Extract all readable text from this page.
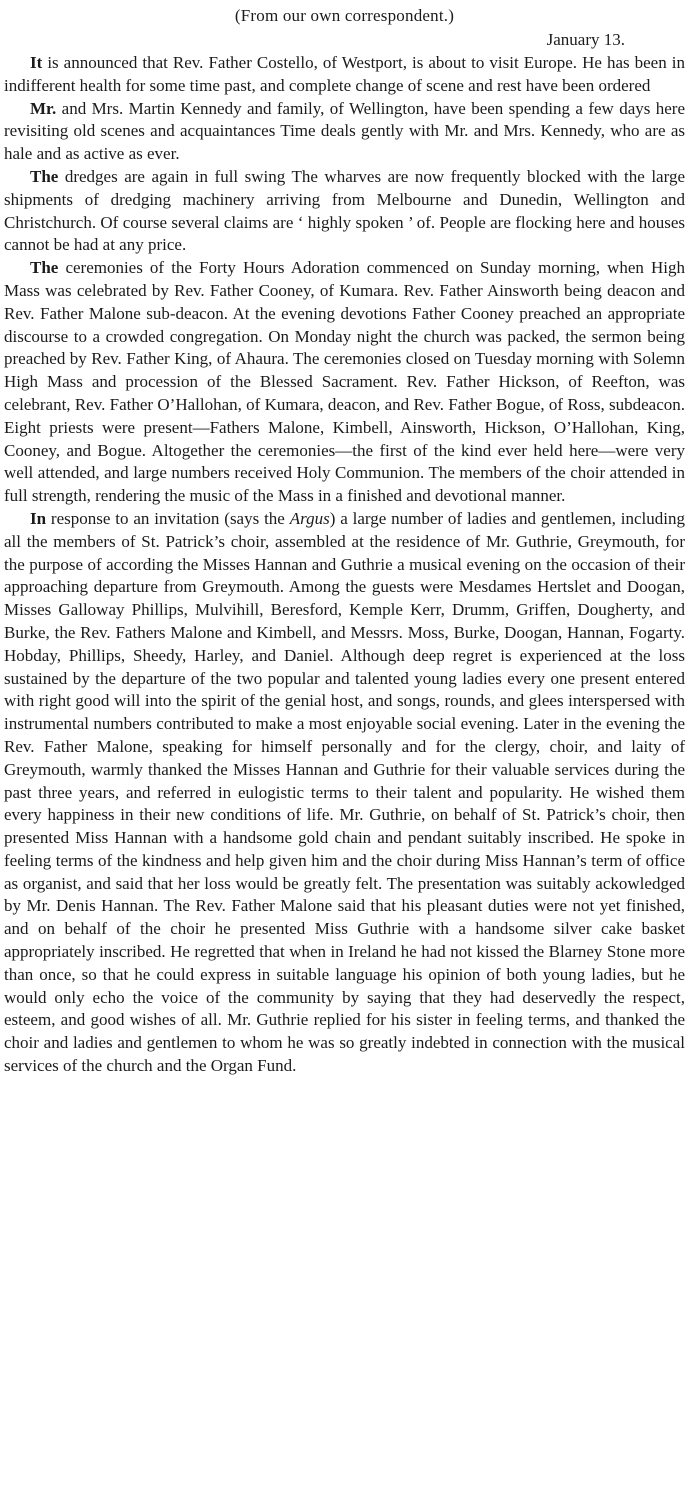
(From our own correspondent.)

January 13.

It is announced that Rev. Father Costello, of Westport, is about to visit Europe. He has been in indifferent health for some time past, and complete change of scene and rest have been ordered

Mr. and Mrs. Martin Kennedy and family, of Wellington, have been spending a few days here revisiting old scenes and acquaintances Time deals gently with Mr. and Mrs. Kennedy, who are as hale and as active as ever.

The dredges are again in full swing The wharves are now frequently blocked with the large shipments of dredging machinery arriving from Melbourne and Dunedin, Wellington and Christchurch. Of course several claims are ‘ highly spoken ’ of. People are flocking here and houses cannot be had at any price.

The ceremonies of the Forty Hours Adoration commenced on Sunday morning, when High Mass was celebrated by Rev. Father Cooney, of Kumara. Rev. Father Ainsworth being deacon and Rev. Father Malone sub-deacon. At the evening devotions Father Cooney preached an appropriate discourse to a crowded congregation. On Monday night the church was packed, the sermon being preached by Rev. Father King, of Ahaura. The ceremonies closed on Tuesday morning with Solemn High Mass and procession of the Blessed Sacrament. Rev. Father Hickson, of Reefton, was celebrant, Rev. Father O’Hallohan, of Kumara, deacon, and Rev. Father Bogue, of Ross, subdeacon. Eight priests were present—Fathers Malone, Kimbell, Ainsworth, Hickson, O’Hallohan, King, Cooney, and Bogue. Altogether the ceremonies—the first of the kind ever held here—were very well attended, and large numbers received Holy Communion. The members of the choir attended in full strength, rendering the music of the Mass in a finished and devotional manner.

In response to an invitation (says the Argus) a large number of ladies and gentlemen, including all the members of St. Patrick’s choir, assembled at the residence of Mr. Guthrie, Greymouth, for the purpose of according the Misses Hannan and Guthrie a musical evening on the occasion of their approaching departure from Greymouth. Among the guests were Mesdames Hertslet and Doogan, Misses Galloway Phillips, Mulvihill, Beresford, Kemple Kerr, Drumm, Griffen, Dougherty, and Burke, the Rev. Fathers Malone and Kimbell, and Messrs. Moss, Burke, Doogan, Hannan, Fogarty. Hobday, Phillips, Sheedy, Harley, and Daniel. Although deep regret is experienced at the loss sustained by the departure of the two popular and talented young ladies every one present entered with right good will into the spirit of the genial host, and songs, rounds, and glees interspersed with instrumental numbers contributed to make a most enjoyable social evening. Later in the evening the Rev. Father Malone, speaking for himself personally and for the clergy, choir, and laity of Greymouth, warmly thanked the Misses Hannan and Guthrie for their valuable services during the past three years, and referred in eulogistic terms to their talent and popularity. He wished them every happiness in their new conditions of life. Mr. Guthrie, on behalf of St. Patrick’s choir, then presented Miss Hannan with a handsome gold chain and pendant suitably inscribed. He spoke in feeling terms of the kindness and help given him and the choir during Miss Hannan’s term of office as organist, and said that her loss would be greatly felt. The presentation was suitably ackowledged by Mr. Denis Hannan. The Rev. Father Malone said that his pleasant duties were not yet finished, and on behalf of the choir he presented Miss Guthrie with a handsome silver cake basket appropriately inscribed. He regretted that when in Ireland he had not kissed the Blarney Stone more than once, so that he could express in suitable language his opinion of both young ladies, but he would only echo the voice of the community by saying that they had deservedly the respect, esteem, and good wishes of all. Mr. Guthrie replied for his sister in feeling terms, and thanked the choir and ladies and gentlemen to whom he was so greatly indebted in connection with the musical services of the church and the Organ Fund.
